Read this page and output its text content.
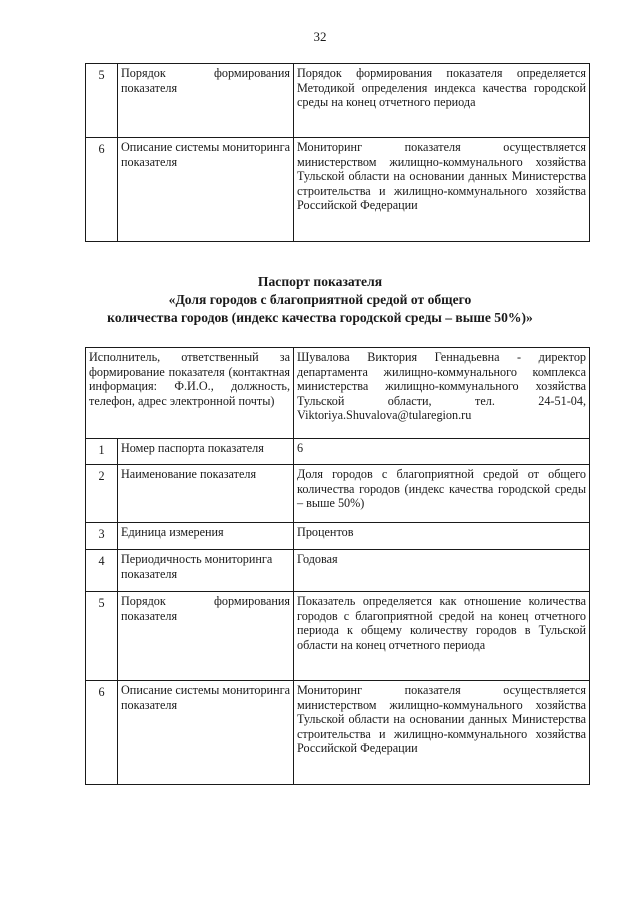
32
5	Порядок формирования показателя	Порядок формирования показателя определяется Методикой определения индекса качества городской среды на конец отчетного периода
6	Описание системы мониторинга показателя	Мониторинг показателя осуществляется министерством жилищно-коммунального хозяйства Тульской области на основании данных Министерства строительства и жилищно-коммунального хозяйства Российской Федерации
Паспорт показателя
«Доля городов с благоприятной средой от общего
количества городов (индекс качества городской среды – выше 50%)»
Исполнитель, ответственный за формирование показателя (контактная информация: Ф.И.О., должность, телефон, адрес электронной почты)		Шувалова Виктория Геннадьевна - директор департамента жилищно-коммунального комплекса министерства жилищно-коммунального хозяйства Тульской области, тел. 24-51-04, Viktoriya.Shuvalova@tularegion.ru
1	Номер паспорта показателя	6
2	Наименование показателя	Доля городов с благоприятной средой от общего количества городов (индекс качества городской среды – выше 50%)
3	Единица измерения	Процентов
4	Периодичность мониторинга показателя	Годовая
5	Порядок формирования показателя	Показатель определяется как отношение количества городов с благоприятной средой на конец отчетного периода к общему количеству городов в Тульской области на конец отчетного периода
6	Описание системы мониторинга показателя	Мониторинг показателя осуществляется министерством жилищно-коммунального хозяйства Тульской области на основании данных Министерства строительства и жилищно-коммунального хозяйства Российской Федерации
